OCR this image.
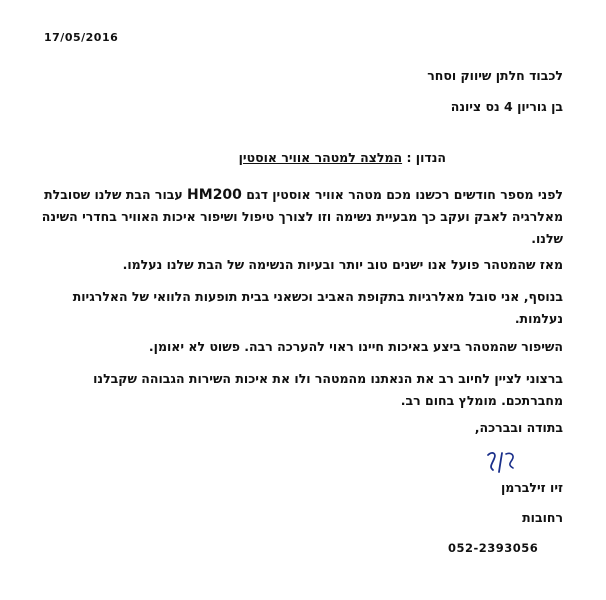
17/05/2016
לכבוד חלתן שיווק וסחר
בן גוריון 4 נס ציונה
הנדון : המלצה למטהר אוויר אוסטין
לפני מספר חודשים רכשנו מכם מטהר אוויר אוסטין דגם HM200 עבור הבת שלנו שסובלת מאלרגיה לאבק ועקב כך מבעיית נשימה וזו לצורך טיפול ושיפור איכות האוויר בחדרי השינה שלנו.
מאז שהמטהר פועל אנו ישנים טוב יותר ובעיות הנשימה של הבת שלנו נעלמו.
בנוסף, אני סובל מאלרגיות בתקופת האביב וכשאני בבית תופעות הלוואי של האלרגיות נעלמות.
השיפור שהמטהר ביצע באיכות חיינו ראוי להערכה רבה. פשוט לא יאומן.
ברצוני לציין לחיוב רב את הנאתנו מהמטהר ולו את איכות השירות הגבוהה שקבלנו מחברתכם. מומלץ בחום רב.
בתודה ובברכה,
זיו זילברמן
רחובות
052-2393056
